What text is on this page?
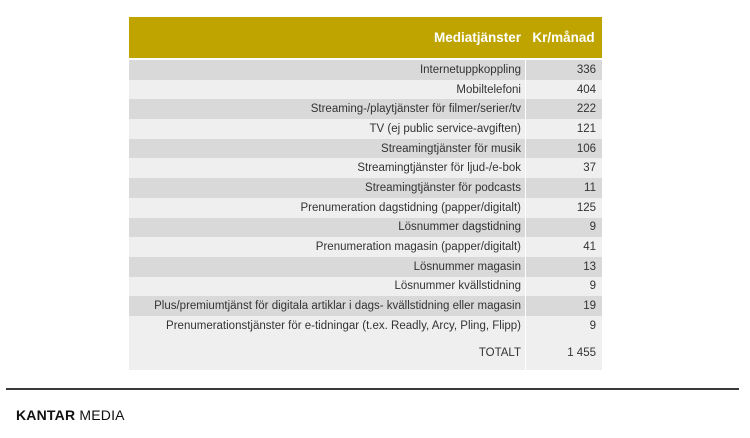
Mediatjänster Kr/månad
Internetuppkoppling	336
Mobiltelefoni	404
Streaming-/playtjänster för filmer/serier/tv	222
TV (ej public service-avgiften)	121
Streamingtjänster för musik	106
Streamingtjänster för ljud-/e-bok	37
Streamingtjänster för podcasts	11
Prenumeration dagstidning (papper/digitalt)	125
Lösnummer dagstidning	9
Prenumeration magasin (papper/digitalt)	41
Lösnummer magasin	13
Lösnummer kvällstidning	9
Plus/premiumtjänst för digitala artiklar i dags- kvällstidning eller magasin	19
Prenumerationstjänster för e-tidningar (t.ex. Readly, Arcy, Pling, Flipp)	9
TOTALT	1 455
KANTAR MEDIA
